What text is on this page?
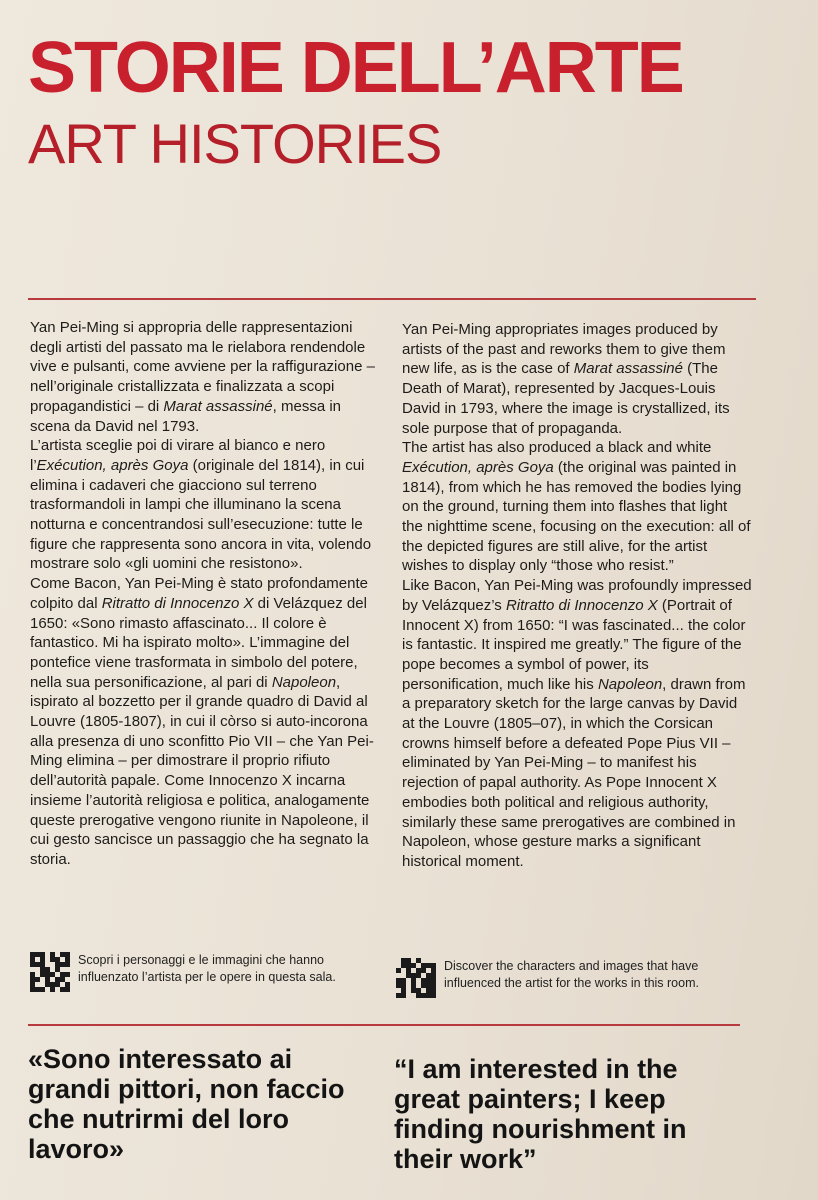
STORIE DELL’ARTE
ART HISTORIES

Yan Pei-Ming si appropria delle rappresentazioni degli artisti del passato ma le rielabora rendendole vive e pulsanti, come avviene per la raffigurazione – nell’originale cristallizzata e finalizzata a scopi propagandistici – di Marat assassiné, messa in scena da David nel 1793.

L’artista sceglie poi di virare al bianco e nero l’Exécution, après Goya (originale del 1814), in cui elimina i cadaveri che giacciono sul terreno trasformandoli in lampi che illuminano la scena notturna e concentrandosi sull’esecuzione: tutte le figure che rappresenta sono ancora in vita, volendo mostrare solo «gli uomini che resistono».

Come Bacon, Yan Pei-Ming è stato profondamente colpito dal Ritratto di Innocenzo X di Velázquez del 1650: «Sono rimasto affascinato... Il colore è fantastico. Mi ha ispirato molto». L’immagine del pontefice viene trasformata in simbolo del potere, nella sua personificazione, al pari di Napoleon, ispirato al bozzetto per il grande quadro di David al Louvre (1805-1807), in cui il còrso si auto-incorona alla presenza di uno sconfitto Pio VII – che Yan Pei-Ming elimina – per dimostrare il proprio rifiuto dell’autorità papale. Come Innocenzo X incarna insieme l’autorità religiosa e politica, analogamente queste prerogative vengono riunite in Napoleone, il cui gesto sancisce un passaggio che ha segnato la storia.

Yan Pei-Ming appropriates images produced by artists of the past and reworks them to give them new life, as is the case of Marat assassiné (The Death of Marat), represented by Jacques-Louis David in 1793, where the image is crystallized, its sole purpose that of propaganda.

The artist has also produced a black and white Exécution, après Goya (the original was painted in 1814), from which he has removed the bodies lying on the ground, turning them into flashes that light the nighttime scene, focusing on the execution: all of the depicted figures are still alive, for the artist wishes to display only “those who resist.”

Like Bacon, Yan Pei-Ming was profoundly impressed by Velázquez’s Ritratto di Innocenzo X (Portrait of Innocent X) from 1650: “I was fascinated... the color is fantastic. It inspired me greatly.” The figure of the pope becomes a symbol of power, its personification, much like his Napoleon, drawn from a preparatory sketch for the large canvas by David at the Louvre (1805–07), in which the Corsican crowns himself before a defeated Pope Pius VII – eliminated by Yan Pei-Ming – to manifest his rejection of papal authority. As Pope Innocent X embodies both political and religious authority, similarly these same prerogatives are combined in Napoleon, whose gesture marks a significant historical moment.

Scopri i personaggi e le immagini che hanno influenzato l’artista per le opere in questa sala.
Discover the characters and images that have influenced the artist for the works in this room.
«Sono interessato ai grandi pittori, non faccio che nutrirmi del loro lavoro»
“I am interested in the great painters; I keep finding nourishment in their work”
